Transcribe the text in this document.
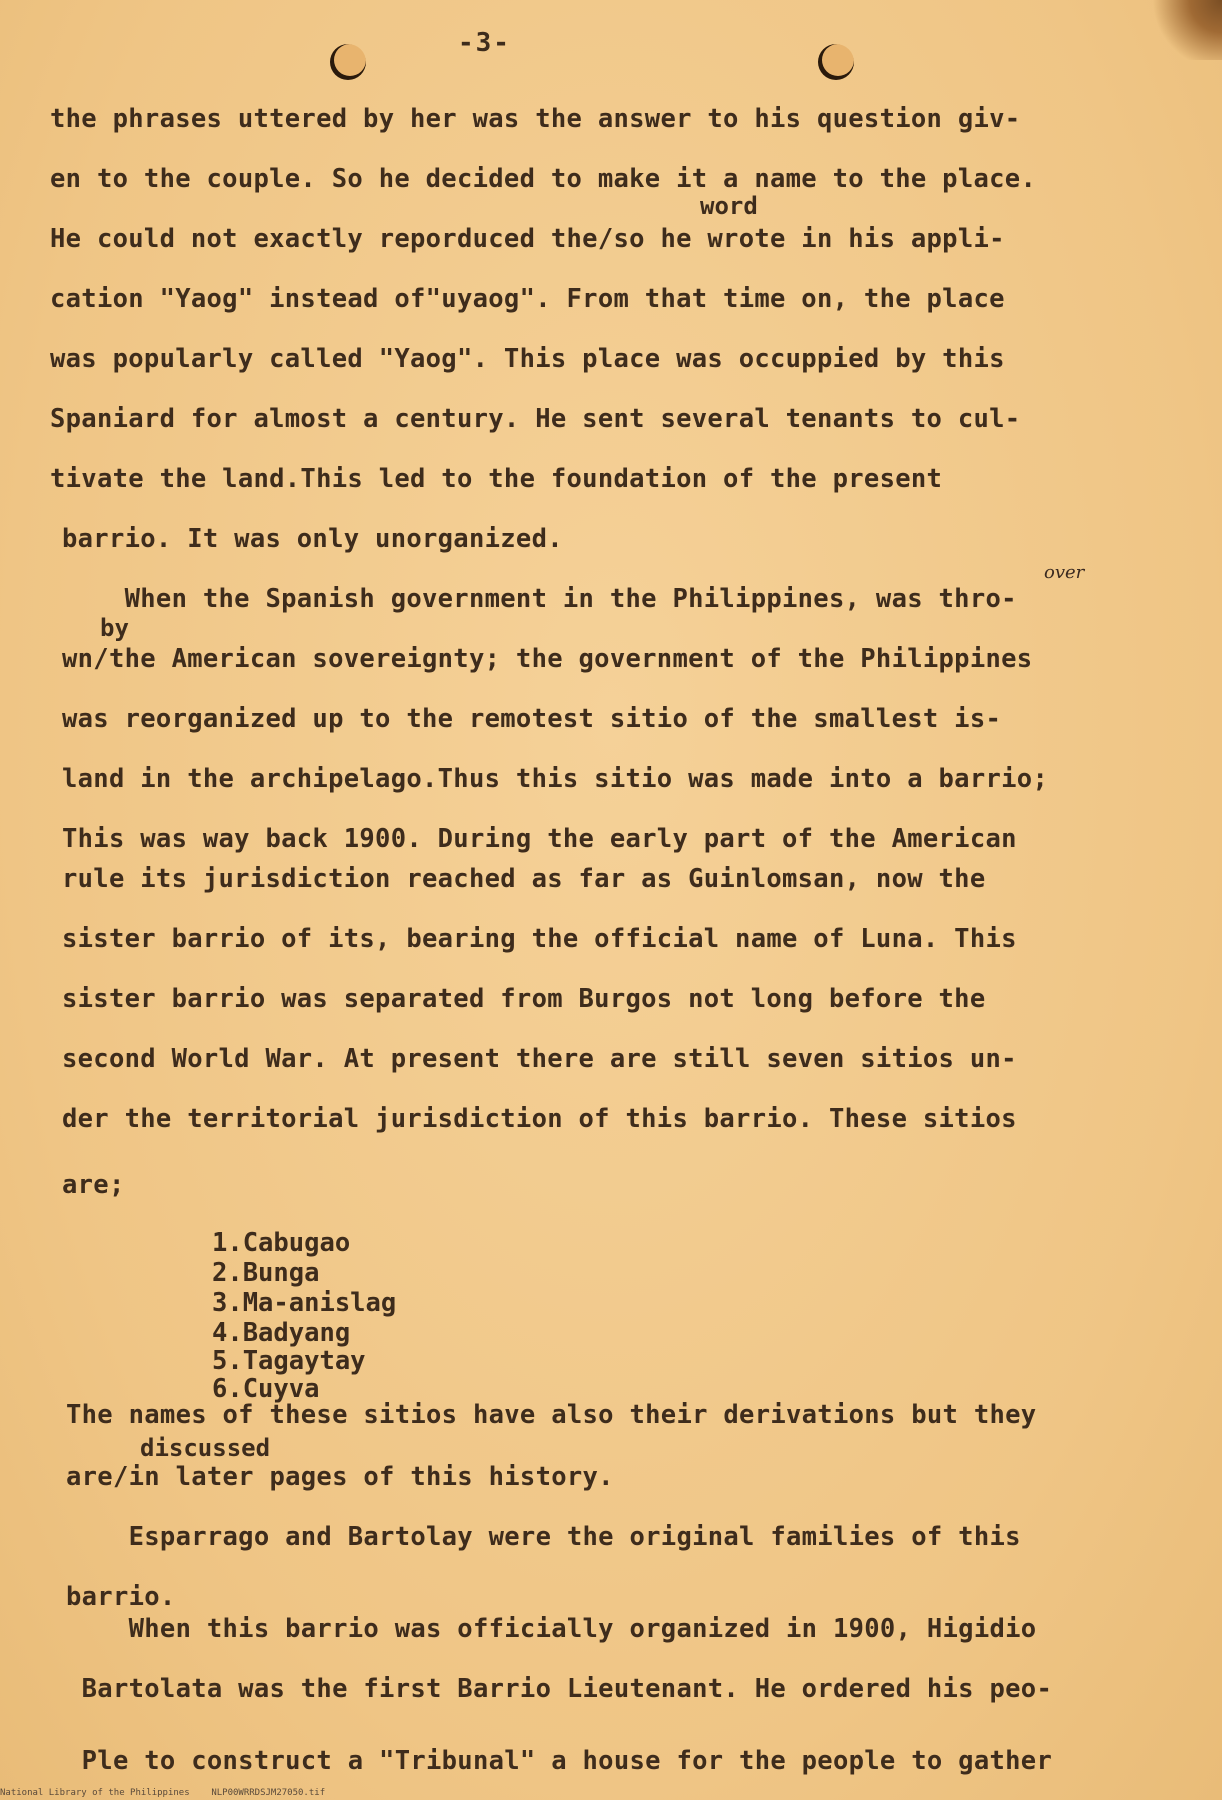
-3-
the phrases uttered by her was the answer to his question giv-
en to the couple. So he decided to make it a name to the place.
word
He could not exactly reporduced the/so he wrote in his appli-
cation "Yaog" instead of"uyaog". From that time on, the place
was popularly called "Yaog". This place was occuppied by this
Spaniard for almost a century. He sent several tenants to cul-
tivate the land.This led to the foundation of the present
barrio. It was only unorganized.
over
When the Spanish government in the Philippines, was thro-
by
wn/the American sovereignty; the government of the Philippines
was reorganized up to the remotest sitio of the smallest is-
land in the archipelago.Thus this sitio was made into a barrio;
This was way back 1900. During the early part of the American
rule its jurisdiction reached as far as Guinlomsan, now the
sister barrio of its, bearing the official name of Luna. This
sister barrio was separated from Burgos not long before the
second World War. At present there are still seven sitios un-
der the territorial jurisdiction of this barrio. These sitios
are;
1.Cabugao
2.Bunga
3.Ma-anislag
4.Badyang
5.Tagaytay
6.Cuyva
The names of these sitios have also their derivations but they
discussed
are/in later pages of this history.
Esparrago and Bartolay were the original families of this
barrio.
When this barrio was officially organized in 1900, Higidio
Bartolata was the first Barrio Lieutenant. He ordered his peo-
Ple to construct a "Tribunal" a house for the people to gather
National Library of the Philippines    NLP00WRRDSJM27050.tif
